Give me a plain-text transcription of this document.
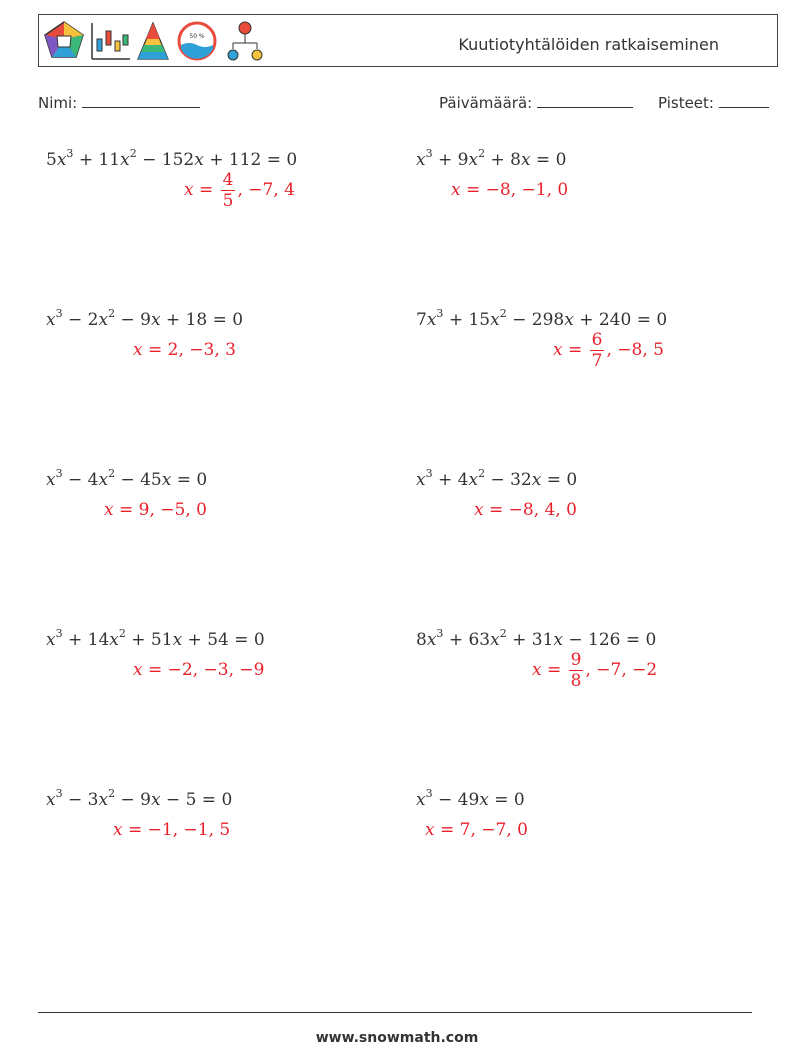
50 %	Kuutiotyhtälöiden ratkaiseminen
Nimi:	Päivämäärä:	Pisteet:
$5x^3 + 11x^2 - 152x + 112 = 0$
$x = \frac{4}{5}$ , −7, 4
$x^3 + 9x^2 + 8x = 0$
x = −8, −1, 0
$x^3 - 2x^2 - 9x + 18 = 0$
x = 2, −3, 3
$7x^3 + 15x^2 - 298x + 240 = 0$
$x = \frac{6}{7}$ , −8, 5
$x^3 - 4x^2 - 45x = 0$
x = 9, −5, 0
$x^3 + 4x^2 - 32x = 0$
x = −8, 4, 0
$x^3 + 14x^2 + 51x + 54 = 0$
x = −2, −3, −9
$8x^3 + 63x^2 + 31x - 126 = 0$
$x = \frac{9}{8}$ , −7, −2
$x^3 - 3x^2 - 9x - 5 = 0$
x = −1, −1, 5
$x^3 - 49x = 0$
x = 7, −7, 0
www.snowmath.com
